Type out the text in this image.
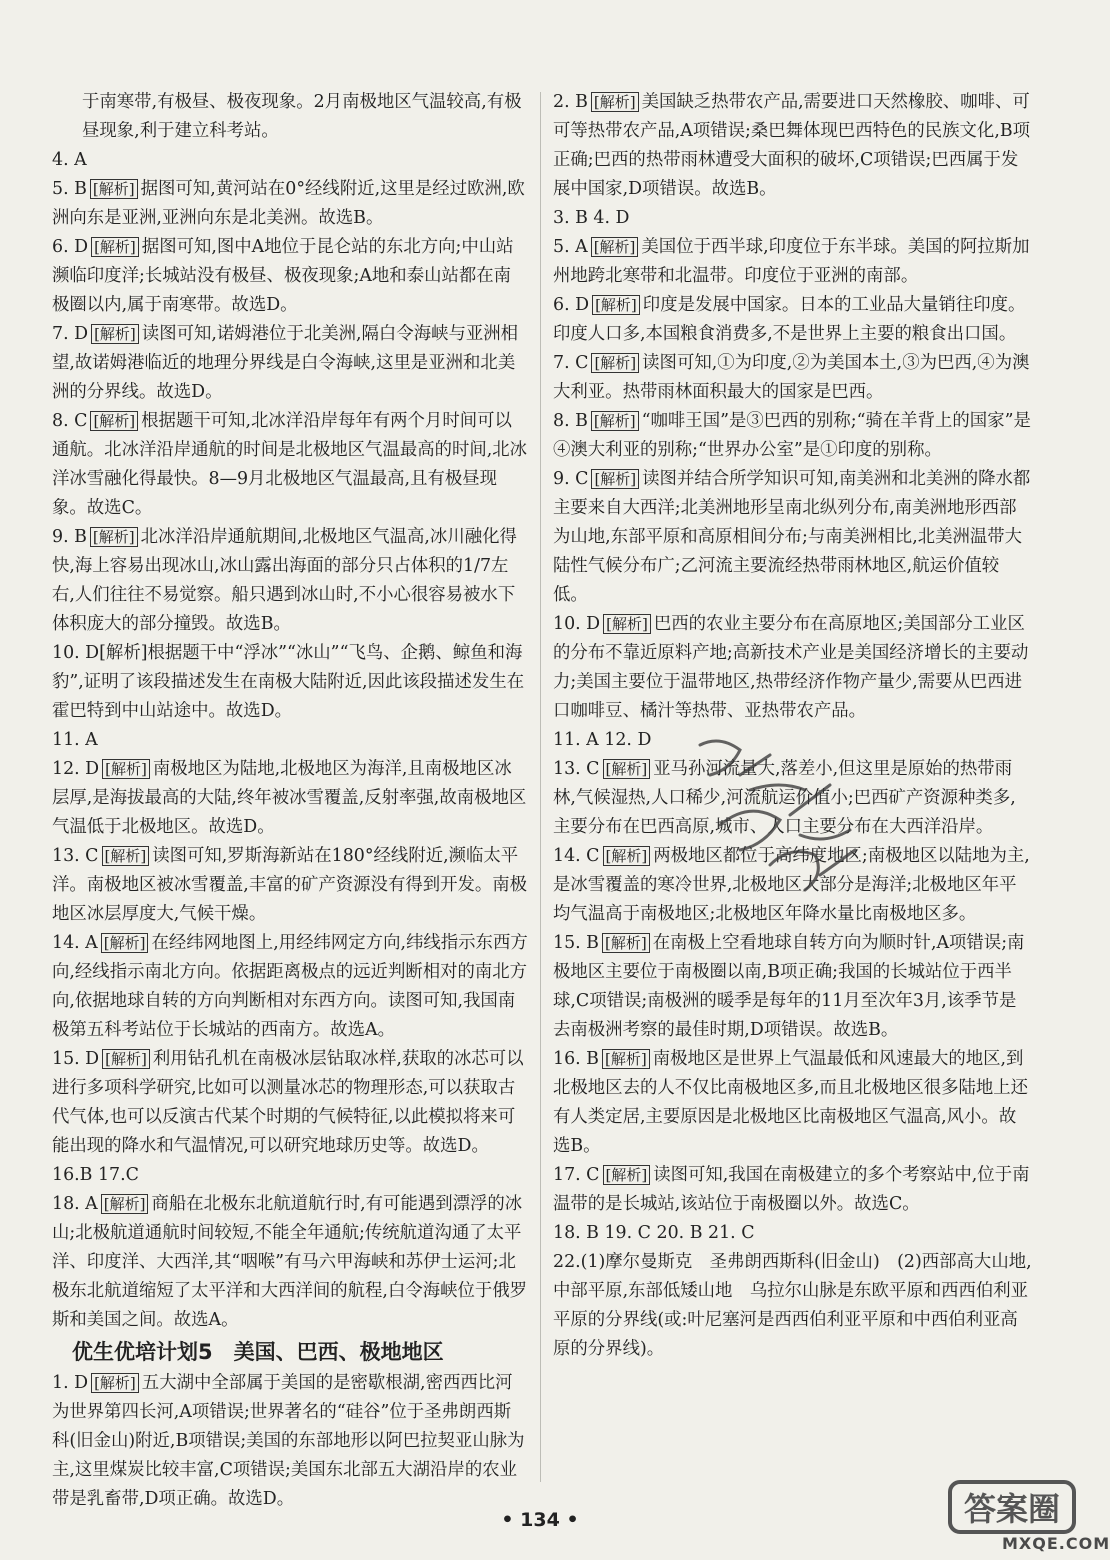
于南寒带,有极昼、极夜现象。2月南极地区气温较高,有极昼现象,利于建立科考站。

4. A

5. B [解析] 据图可知,黄河站在0°经线附近,这里是经过欧洲,欧洲向东是亚洲,亚洲向东是北美洲。故选B。

6. D [解析] 据图可知,图中A地位于昆仑站的东北方向;中山站濒临印度洋;长城站没有极昼、极夜现象;A地和泰山站都在南极圈以内,属于南寒带。故选D。

7. D [解析] 读图可知,诺姆港位于北美洲,隔白令海峡与亚洲相望,故诺姆港临近的地理分界线是白令海峡,这里是亚洲和北美洲的分界线。故选D。

8. C [解析] 根据题干可知,北冰洋沿岸每年有两个月时间可以通航。北冰洋沿岸通航的时间是北极地区气温最高的时间,北冰洋冰雪融化得最快。8—9月北极地区气温最高,且有极昼现象。故选C。

9. B [解析] 北冰洋沿岸通航期间,北极地区气温高,冰川融化得快,海上容易出现冰山,冰山露出海面的部分只占体积的1/7左右,人们往往不易觉察。船只遇到冰山时,不小心很容易被水下体积庞大的部分撞毁。故选B。

10. D[解析]根据题干中“浮冰”“冰山”“飞鸟、企鹅、鲸鱼和海豹”,证明了该段描述发生在南极大陆附近,因此该段描述发生在霍巴特到中山站途中。故选D。

11. A

12. D [解析] 南极地区为陆地,北极地区为海洋,且南极地区冰层厚,是海拔最高的大陆,终年被冰雪覆盖,反射率强,故南极地区气温低于北极地区。故选D。

13. C [解析] 读图可知,罗斯海新站在180°经线附近,濒临太平洋。南极地区被冰雪覆盖,丰富的矿产资源没有得到开发。南极地区冰层厚度大,气候干燥。

14. A [解析] 在经纬网地图上,用经纬网定方向,纬线指示东西方向,经线指示南北方向。依据距离极点的远近判断相对的南北方向,依据地球自转的方向判断相对东西方向。读图可知,我国南极第五科考站位于长城站的西南方。故选A。

15. D [解析] 利用钻孔机在南极冰层钻取冰样,获取的冰芯可以进行多项科学研究,比如可以测量冰芯的物理形态,可以获取古代气体,也可以反演古代某个时期的气候特征,以此模拟将来可能出现的降水和气温情况,可以研究地球历史等。故选D。

16.B 17.C

18. A [解析] 商船在北极东北航道航行时,有可能遇到漂浮的冰山;北极航道通航时间较短,不能全年通航;传统航道沟通了太平洋、印度洋、大西洋,其“咽喉”有马六甲海峡和苏伊士运河;北极东北航道缩短了太平洋和大西洋间的航程,白令海峡位于俄罗斯和美国之间。故选A。

优生优培计划5　美国、巴西、极地地区

1. D [解析] 五大湖中全部属于美国的是密歇根湖,密西西比河为世界第四长河,A项错误;世界著名的“硅谷”位于圣弗朗西斯科(旧金山)附近,B项错误;美国的东部地形以阿巴拉契亚山脉为主,这里煤炭比较丰富,C项错误;美国东北部五大湖沿岸的农业带是乳畜带,D项正确。故选D。

2. B [解析] 美国缺乏热带农产品,需要进口天然橡胶、咖啡、可可等热带农产品,A项错误;桑巴舞体现巴西特色的民族文化,B项正确;巴西的热带雨林遭受大面积的破坏,C项错误;巴西属于发展中国家,D项错误。故选B。

3. B 4. D

5. A [解析] 美国位于西半球,印度位于东半球。美国的阿拉斯加州地跨北寒带和北温带。印度位于亚洲的南部。

6. D [解析] 印度是发展中国家。日本的工业品大量销往印度。印度人口多,本国粮食消费多,不是世界上主要的粮食出口国。

7. C [解析] 读图可知,①为印度,②为美国本土,③为巴西,④为澳大利亚。热带雨林面积最大的国家是巴西。

8. B [解析] “咖啡王国”是③巴西的别称;“骑在羊背上的国家”是④澳大利亚的别称;“世界办公室”是①印度的别称。

9. C [解析] 读图并结合所学知识可知,南美洲和北美洲的降水都主要来自大西洋;北美洲地形呈南北纵列分布,南美洲地形西部为山地,东部平原和高原相间分布;与南美洲相比,北美洲温带大陆性气候分布广;乙河流主要流经热带雨林地区,航运价值较低。

10. D [解析] 巴西的农业主要分布在高原地区;美国部分工业区的分布不靠近原料产地;高新技术产业是美国经济增长的主要动力;美国主要位于温带地区,热带经济作物产量少,需要从巴西进口咖啡豆、橘汁等热带、亚热带农产品。

11. A 12. D

13. C [解析] 亚马孙河流量大,落差小,但这里是原始的热带雨林,气候湿热,人口稀少,河流航运价值小;巴西矿产资源种类多,主要分布在巴西高原,城市、人口主要分布在大西洋沿岸。

14. C [解析] 两极地区都位于高纬度地区;南极地区以陆地为主,是冰雪覆盖的寒冷世界,北极地区大部分是海洋;北极地区年平均气温高于南极地区;北极地区年降水量比南极地区多。

15. B [解析] 在南极上空看地球自转方向为顺时针,A项错误;南极地区主要位于南极圈以南,B项正确;我国的长城站位于西半球,C项错误;南极洲的暖季是每年的11月至次年3月,该季节是去南极洲考察的最佳时期,D项错误。故选B。

16. B [解析] 南极地区是世界上气温最低和风速最大的地区,到北极地区去的人不仅比南极地区多,而且北极地区很多陆地上还有人类定居,主要原因是北极地区比南极地区气温高,风小。故选B。

17. C [解析] 读图可知,我国在南极建立的多个考察站中,位于南温带的是长城站,该站位于南极圈以外。故选C。

18. B 19. C 20. B 21. C

22.(1)摩尔曼斯克　圣弗朗西斯科(旧金山)　(2)西部高大山地,中部平原,东部低矮山地　乌拉尔山脉是东欧平原和西西伯利亚平原的分界线(或:叶尼塞河是西西伯利亚平原和中西伯利亚高原的分界线)。

• 134 •	答案圈
MXQE.COM
